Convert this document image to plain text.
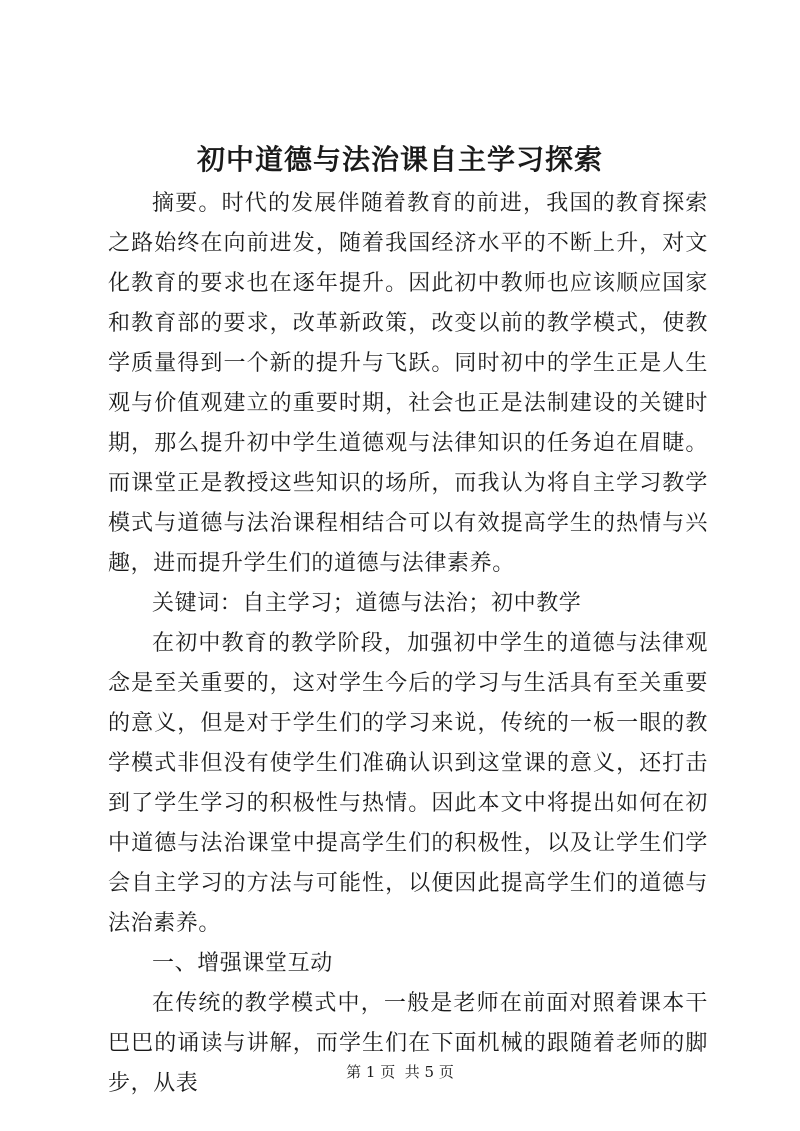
初中道德与法治课自主学习探索

摘要。时代的发展伴随着教育的前进，我国的教育探索之路始终在向前进发，随着我国经济水平的不断上升，对文化教育的要求也在逐年提升。因此初中教师也应该顺应国家和教育部的要求，改革新政策，改变以前的教学模式，使教学质量得到一个新的提升与飞跃。同时初中的学生正是人生观与价值观建立的重要时期，社会也正是法制建设的关键时期，那么提升初中学生道德观与法律知识的任务迫在眉睫。而课堂正是教授这些知识的场所，而我认为将自主学习教学模式与道德与法治课程相结合可以有效提高学生的热情与兴趣，进而提升学生们的道德与法律素养。

关键词：自主学习；道德与法治；初中教学

在初中教育的教学阶段，加强初中学生的道德与法律观念是至关重要的，这对学生今后的学习与生活具有至关重要的意义，但是对于学生们的学习来说，传统的一板一眼的教学模式非但没有使学生们准确认识到这堂课的意义，还打击到了学生学习的积极性与热情。因此本文中将提出如何在初中道德与法治课堂中提高学生们的积极性，以及让学生们学会自主学习的方法与可能性，以便因此提高学生们的道德与法治素养。

一、增强课堂互动

在传统的教学模式中，一般是老师在前面对照着课本干巴巴的诵读与讲解，而学生们在下面机械的跟随着老师的脚步，从表	第 1 页  共 5 页
